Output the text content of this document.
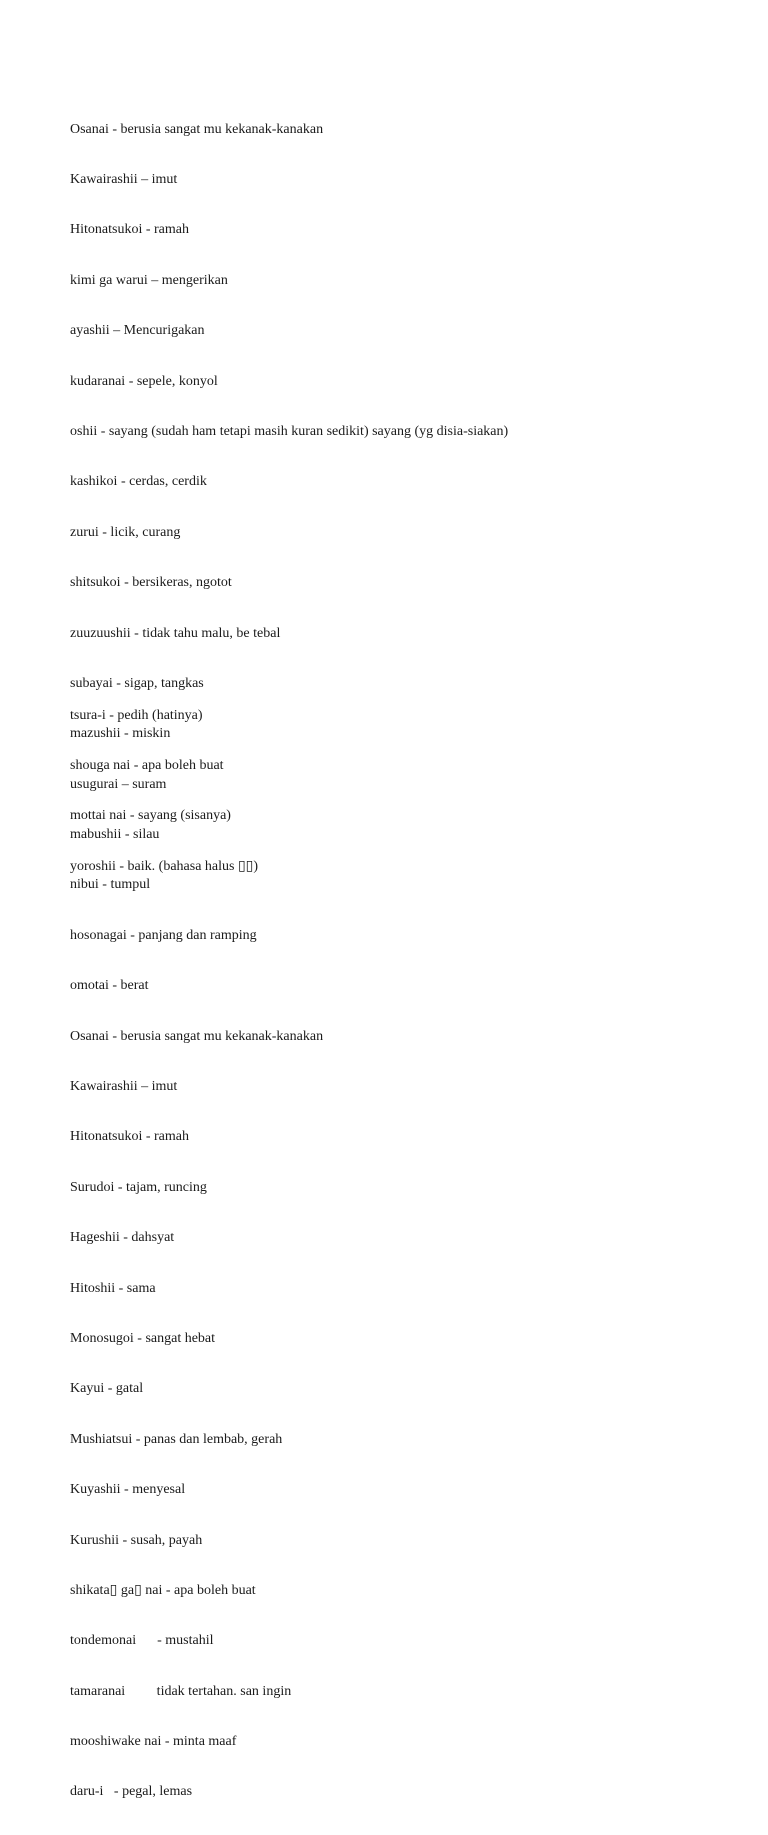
Osanai - berusia sangat mu kekanak-kanakan

Kawairashii – imut

Hitonatsukoi - ramah

kimi ga warui – mengerikan

ayashii – Mencurigakan

kudaranai - sepele, konyol

oshii - sayang (sudah ham tetapi masih kuran sedikit) sayang (yg disia-siakan)

kashikoi - cerdas, cerdik

zurui - licik, curang

shitsukoi - bersikeras, ngotot

zuuzuushii - tidak tahu malu, be tebal

subayai - sigap, tangkas

mazushii - miskin

usugurai – suram

mabushii - silau

nibui - tumpul

hosonagai - panjang dan ramping

omotai - berat

Osanai - berusia sangat mu kekanak-kanakan

Kawairashii – imut

Hitonatsukoi - ramah

Surudoi - tajam, runcing

Hageshii - dahsyat

Hitoshii - sama

Monosugoi - sangat hebat

Kayui - gatal

Mushiatsui - panas dan lembab, gerah

Kuyashii - menyesal

Kurushii - susah, payah

shikata▯ ga▯ nai - apa boleh buat

tondemonai      - mustahil

tamaranai         tidak tertahan. san ingin

mooshiwake nai - minta maaf

daru-i   - pegal, lemas

tsura-i - pedih (hatinya)

shouga nai - apa boleh buat

mottai nai - sayang (sisanya)

yoroshii - baik. (bahasa halus ▯▯)
